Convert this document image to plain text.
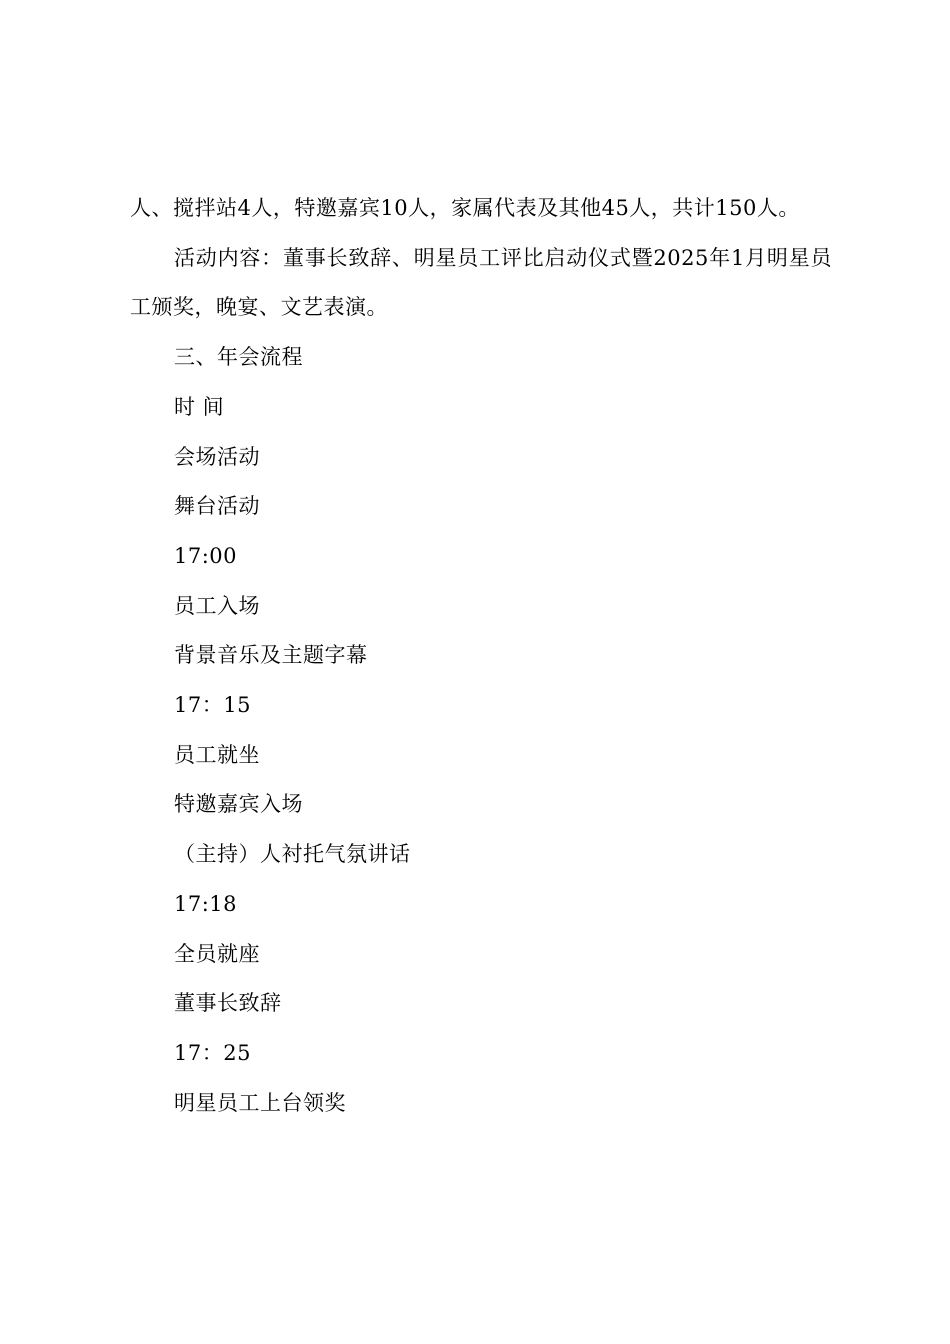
人、搅拌站4人，特邀嘉宾10人，家属代表及其他45人，共计150人。

活动内容：董事长致辞、明星员工评比启动仪式暨2025年1月明星员工颁奖，晚宴、文艺表演。

三、年会流程

时 间

会场活动

舞台活动

17:00

员工入场

背景音乐及主题字幕

17：15

员工就坐

特邀嘉宾入场

（主持）人衬托气氛讲话

17:18

全员就座

董事长致辞

17：25

明星员工上台领奖
